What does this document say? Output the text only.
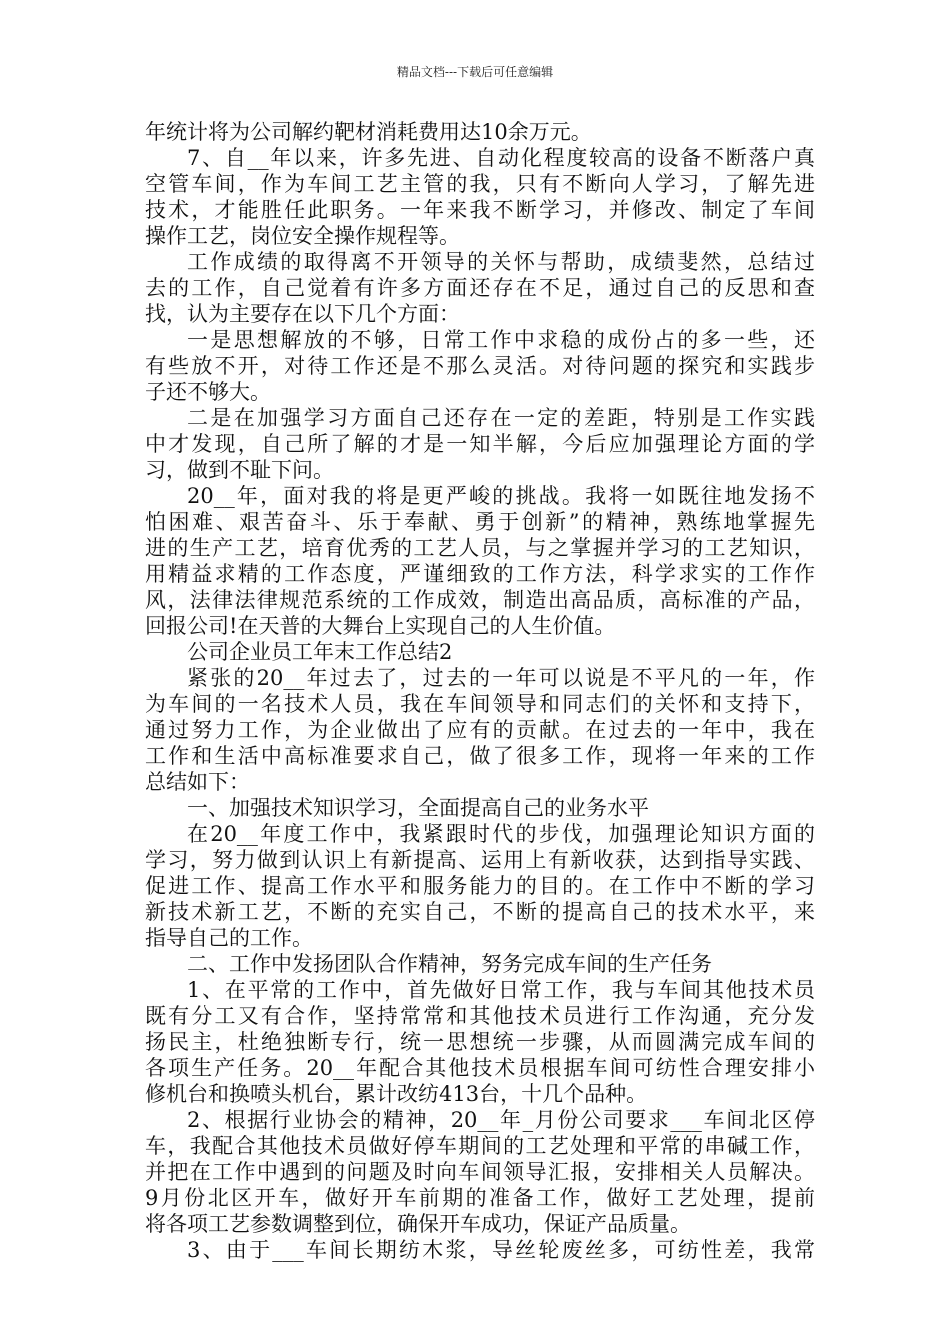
精品文档---下载后可任意编辑
年统计将为公司解约靶材消耗费用达10余万元。
7、自__年以来，许多先进、自动化程度较高的设备不断落户真
空管车间，作为车间工艺主管的我，只有不断向人学习，了解先进
技术，才能胜任此职务。一年来我不断学习，并修改、制定了车间
操作工艺，岗位安全操作规程等。
工作成绩的取得离不开领导的关怀与帮助，成绩斐然，总结过
去的工作，自己觉着有许多方面还存在不足，通过自己的反思和查
找，认为主要存在以下几个方面：
一是思想解放的不够，日常工作中求稳的成份占的多一些，还
有些放不开，对待工作还是不那么灵活。对待问题的探究和实践步
子还不够大。
二是在加强学习方面自己还存在一定的差距，特别是工作实践
中才发现，自己所了解的才是一知半解，今后应加强理论方面的学
习，做到不耻下问。
20__年，面对我的将是更严峻的挑战。我将一如既往地发扬不
怕困难、艰苦奋斗、乐于奉献、勇于创新”的精神，熟练地掌握先
进的生产工艺，培育优秀的工艺人员，与之掌握并学习的工艺知识，
用精益求精的工作态度，严谨细致的工作方法，科学求实的工作作
风，法律法律规范系统的工作成效，制造出高品质，高标准的产品，
回报公司!在天普的大舞台上实现自己的人生价值。
公司企业员工年末工作总结2
紧张的20__年过去了，过去的一年可以说是不平凡的一年，作
为车间的一名技术人员，我在车间领导和同志们的关怀和支持下，
通过努力工作，为企业做出了应有的贡献。在过去的一年中，我在
工作和生活中高标准要求自己，做了很多工作，现将一年来的工作
总结如下：
一、加强技术知识学习，全面提高自己的业务水平
在20__年度工作中，我紧跟时代的步伐，加强理论知识方面的
学习，努力做到认识上有新提高、运用上有新收获，达到指导实践、
促进工作、提高工作水平和服务能力的目的。在工作中不断的学习
新技术新工艺，不断的充实自己，不断的提高自己的技术水平，来
指导自己的工作。
二、工作中发扬团队合作精神，努务完成车间的生产任务
1、在平常的工作中，首先做好日常工作，我与车间其他技术员
既有分工又有合作，坚持常常和其他技术员进行工作沟通，充分发
扬民主，杜绝独断专行，统一思想统一步骤，从而圆满完成车间的
各项生产任务。20__年配合其他技术员根据车间可纺性合理安排小
修机台和换喷头机台，累计改纺413台，十几个品种。
2、根据行业协会的精神，20__年_月份公司要求___车间北区停
车，我配合其他技术员做好停车期间的工艺处理和平常的串碱工作，
并把在工作中遇到的问题及时向车间领导汇报，安排相关人员解决。
9月份北区开车，做好开车前期的准备工作，做好工艺处理，提前
将各项工艺参数调整到位，确保开车成功，保证产品质量。
3、由于___车间长期纺木浆，导丝轮废丝多，可纺性差，我常
